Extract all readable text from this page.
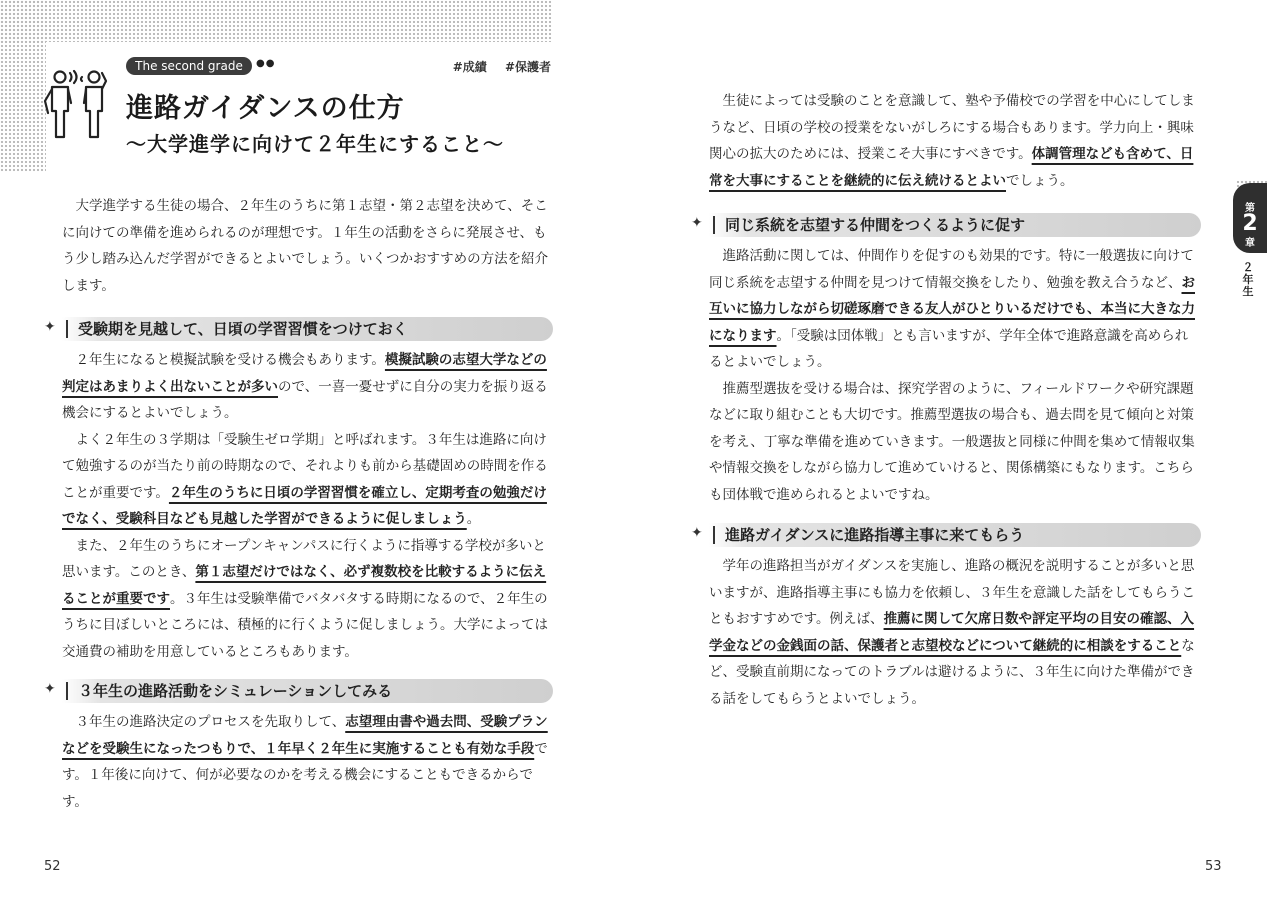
The second grade	●●	#成績 #保護者
進路ガイダンスの仕方
～大学進学に向けて２年生にすること～

大学進学する生徒の場合、２年生のうちに第１志望・第２志望を決めて、そこに向けての準備を進められるのが理想です。１年生の活動をさらに発展させ、もう少し踏み込んだ学習ができるとよいでしょう。いくつかおすすめの方法を紹介します。

✦ 受験期を見越して、日頃の学習習慣をつけておく

２年生になると模擬試験を受ける機会もあります。模擬試験の志望大学などの判定はあまりよく出ないことが多いので、一喜一憂せずに自分の実力を振り返る機会にするとよいでしょう。

よく２年生の３学期は「受験生ゼロ学期」と呼ばれます。３年生は進路に向けて勉強するのが当たり前の時期なので、それよりも前から基礎固めの時間を作ることが重要です。２年生のうちに日頃の学習習慣を確立し、定期考査の勉強だけでなく、受験科目なども見越した学習ができるように促しましょう。

また、２年生のうちにオープンキャンパスに行くように指導する学校が多いと思います。このとき、第１志望だけではなく、必ず複数校を比較するように伝えることが重要です。３年生は受験準備でバタバタする時期になるので、２年生のうちに目ぼしいところには、積極的に行くように促しましょう。大学によっては交通費の補助を用意しているところもあります。

✦ ３年生の進路活動をシミュレーションしてみる

３年生の進路決定のプロセスを先取りして、志望理由書や過去問、受験プランなどを受験生になったつもりで、１年早く２年生に実施することも有効な手段です。１年後に向けて、何が必要なのかを考える機会にすることもできるからです。

52

生徒によっては受験のことを意識して、塾や予備校での学習を中心にしてしまうなど、日頃の学校の授業をないがしろにする場合もあります。学力向上・興味関心の拡大のためには、授業こそ大事にすべきです。体調管理なども含めて、日常を大事にすることを継続的に伝え続けるとよいでしょう。

✦ 同じ系統を志望する仲間をつくるように促す

進路活動に関しては、仲間作りを促すのも効果的です。特に一般選抜に向けて同じ系統を志望する仲間を見つけて情報交換をしたり、勉強を教え合うなど、お互いに協力しながら切磋琢磨できる友人がひとりいるだけでも、本当に大きな力になります。「受験は団体戦」とも言いますが、学年全体で進路意識を高められるとよいでしょう。

推薦型選抜を受ける場合は、探究学習のように、フィールドワークや研究課題などに取り組むことも大切です。推薦型選抜の場合も、過去問を見て傾向と対策を考え、丁寧な準備を進めていきます。一般選抜と同様に仲間を集めて情報収集や情報交換をしながら協力して進めていけると、関係構築にもなります。こちらも団体戦で進められるとよいですね。

✦ 進路ガイダンスに進路指導主事に来てもらう

学年の進路担当がガイダンスを実施し、進路の概況を説明することが多いと思いますが、進路指導主事にも協力を依頼し、３年生を意識した話をしてもらうこともおすすめです。例えば、推薦に関して欠席日数や評定平均の目安の確認、入学金などの金銭面の話、保護者と志望校などについて継続的に相談をすることなど、受験直前期になってのトラブルは避けるように、３年生に向けた準備ができる話をしてもらうとよいでしょう。

53
第
2
章
２年生
